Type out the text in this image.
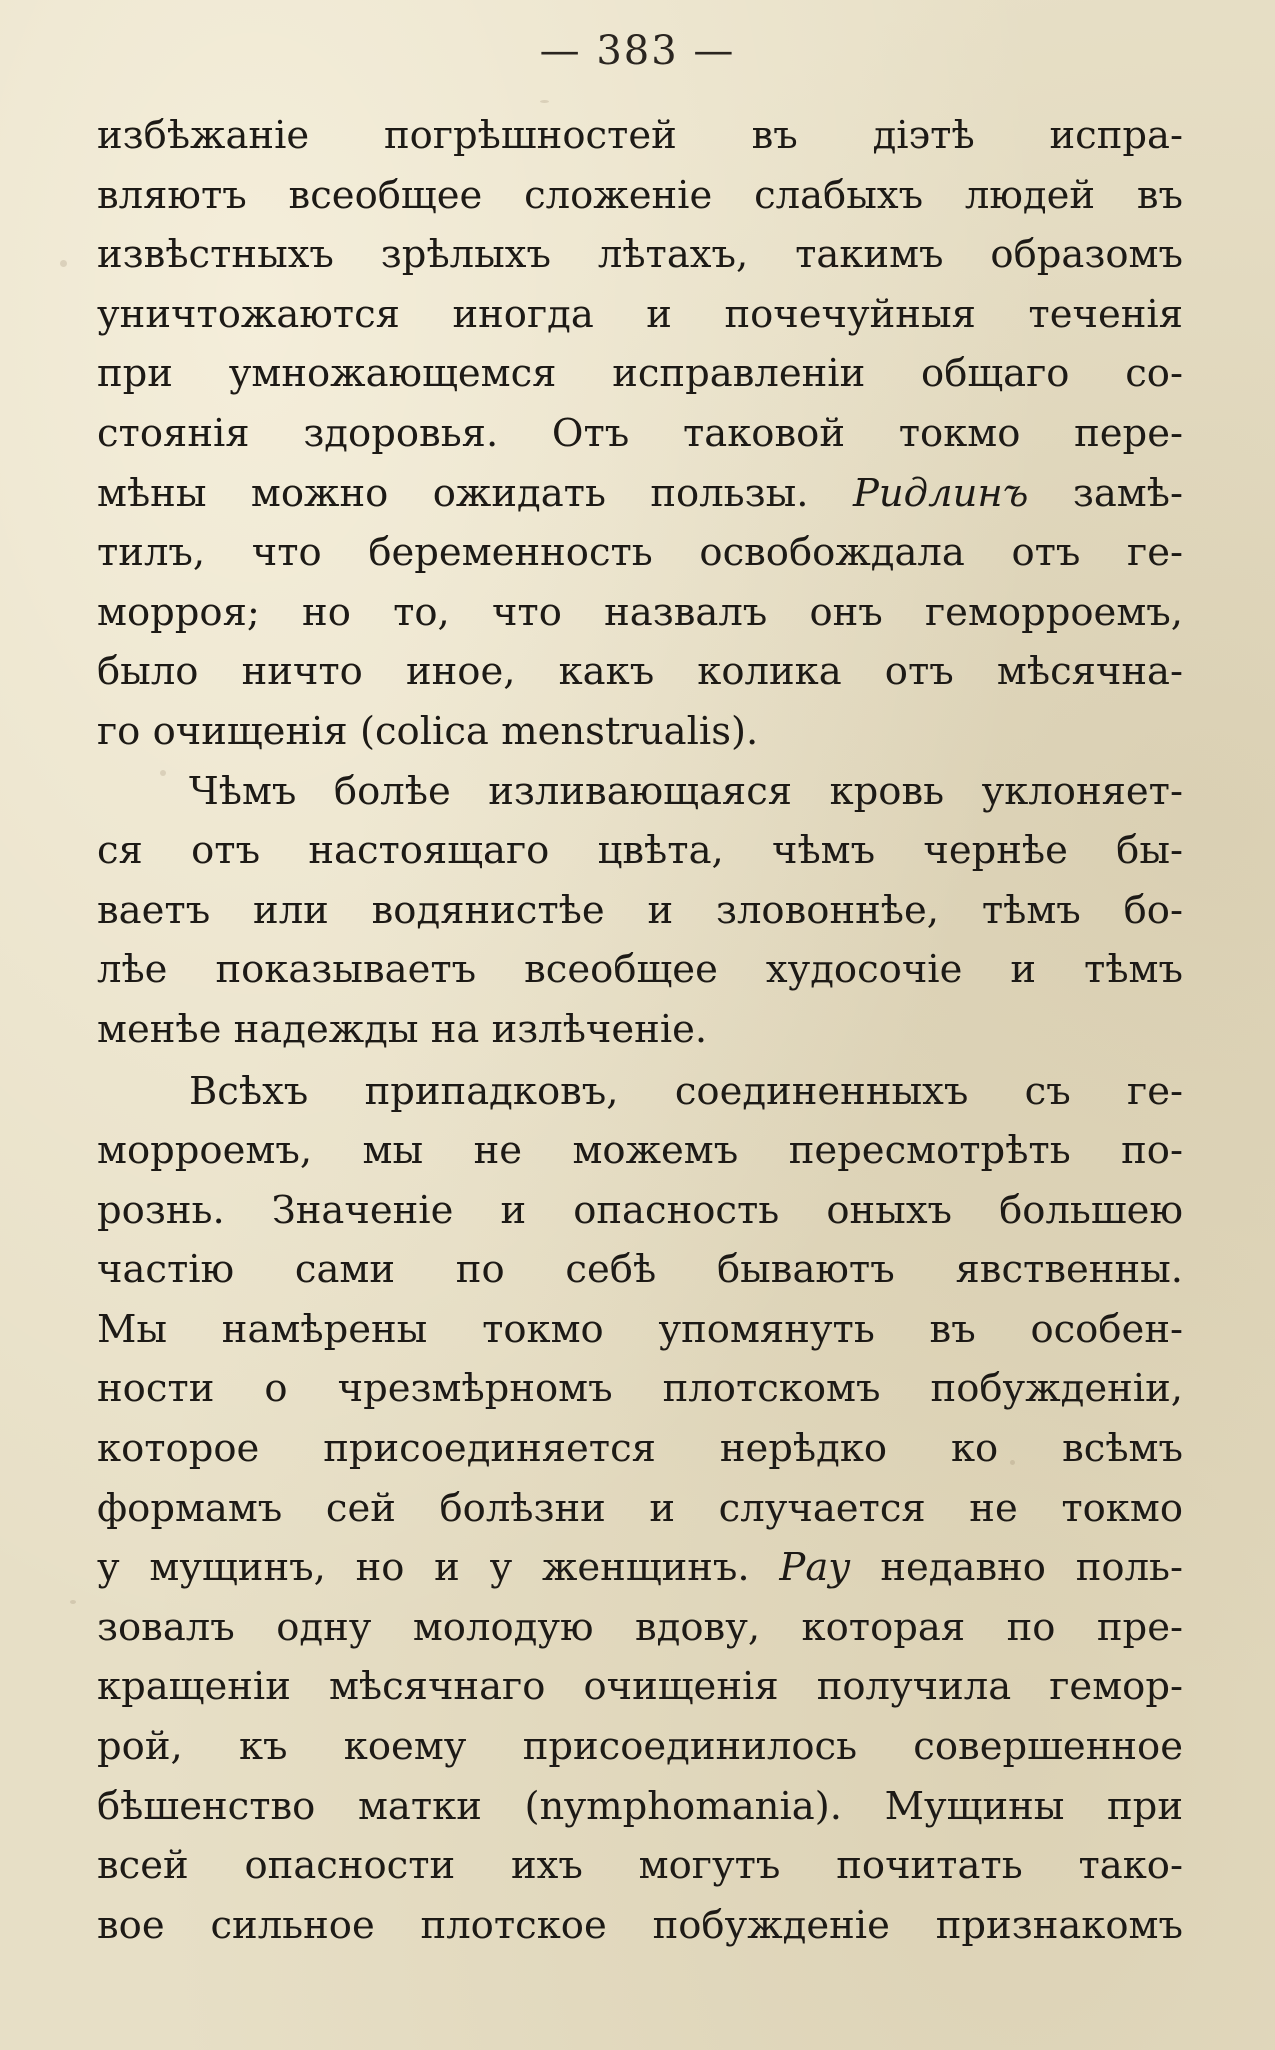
— 383 —
избѣжаніе погрѣшностей въ діэтѣ испра-
вляютъ всеобщее сложеніе слабыхъ людей въ
извѣстныхъ зрѣлыхъ лѣтахъ, такимъ образомъ
уничтожаются иногда и почечуйныя теченія
при умножающемся исправленіи общаго со-
стоянія здоровья. Отъ таковой токмо пере-
мѣны можно ожидать пользы. Ридлинъ замѣ-
тилъ, что беременность освобождала отъ ге-
морроя; но то, что назвалъ онъ геморроемъ,
было ничто иное, какъ колика отъ мѣсячна-
го очищенія (colica menstrualis).
Чѣмъ болѣе изливающаяся кровь уклоняет-
ся отъ настоящаго цвѣта, чѣмъ чернѣе бы-
ваетъ или водянистѣе и зловоннѣе, тѣмъ бо-
лѣе показываетъ всеобщее худосочіе и тѣмъ
менѣе надежды на излѣченіе.
Всѣхъ припадковъ, соединенныхъ съ ге-
морроемъ, мы не можемъ пересмотрѣть по-
рознь. Значеніе и опасность оныхъ большею
частію сами по себѣ бываютъ явственны.
Мы намѣрены токмо упомянуть въ особен-
ности о чрезмѣрномъ плотскомъ побужденіи,
которое присоединяется нерѣдко ко всѣмъ
формамъ сей болѣзни и случается не токмо
у мущинъ, но и у женщинъ. Рау недавно поль-
зовалъ одну молодую вдову, которая по пре-
кращеніи мѣсячнаго очищенія получила гемор-
рой, къ коему присоединилось совершенное
бѣшенство матки (nymphomania). Мущины при
всей опасности ихъ могутъ почитать тако-
вое сильное плотское побужденіе признакомъ
